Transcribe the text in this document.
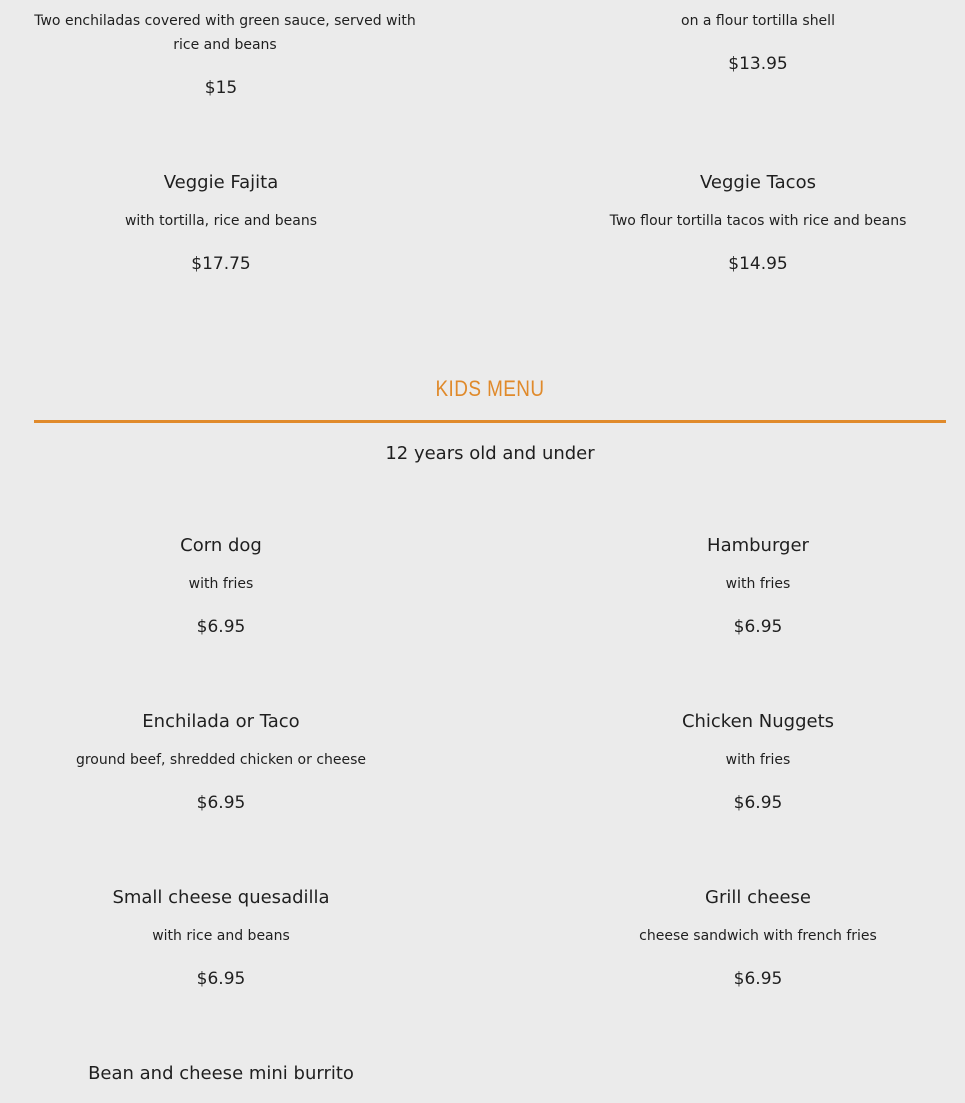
Two enchiladas covered with green sauce, served with rice and beans
$15
on a flour tortilla shell
$13.95
Veggie Fajita
with tortilla, rice and beans
$17.75
Veggie Tacos
Two flour tortilla tacos with rice and beans
$14.95
KIDS MENU
12 years old and under
Corn dog
with fries
$6.95
Hamburger
with fries
$6.95
Enchilada or Taco
ground beef, shredded chicken or cheese
$6.95
Chicken Nuggets
with fries
$6.95
Small cheese quesadilla
with rice and beans
$6.95
Grill cheese
cheese sandwich with french fries
$6.95
Bean and cheese mini burrito
